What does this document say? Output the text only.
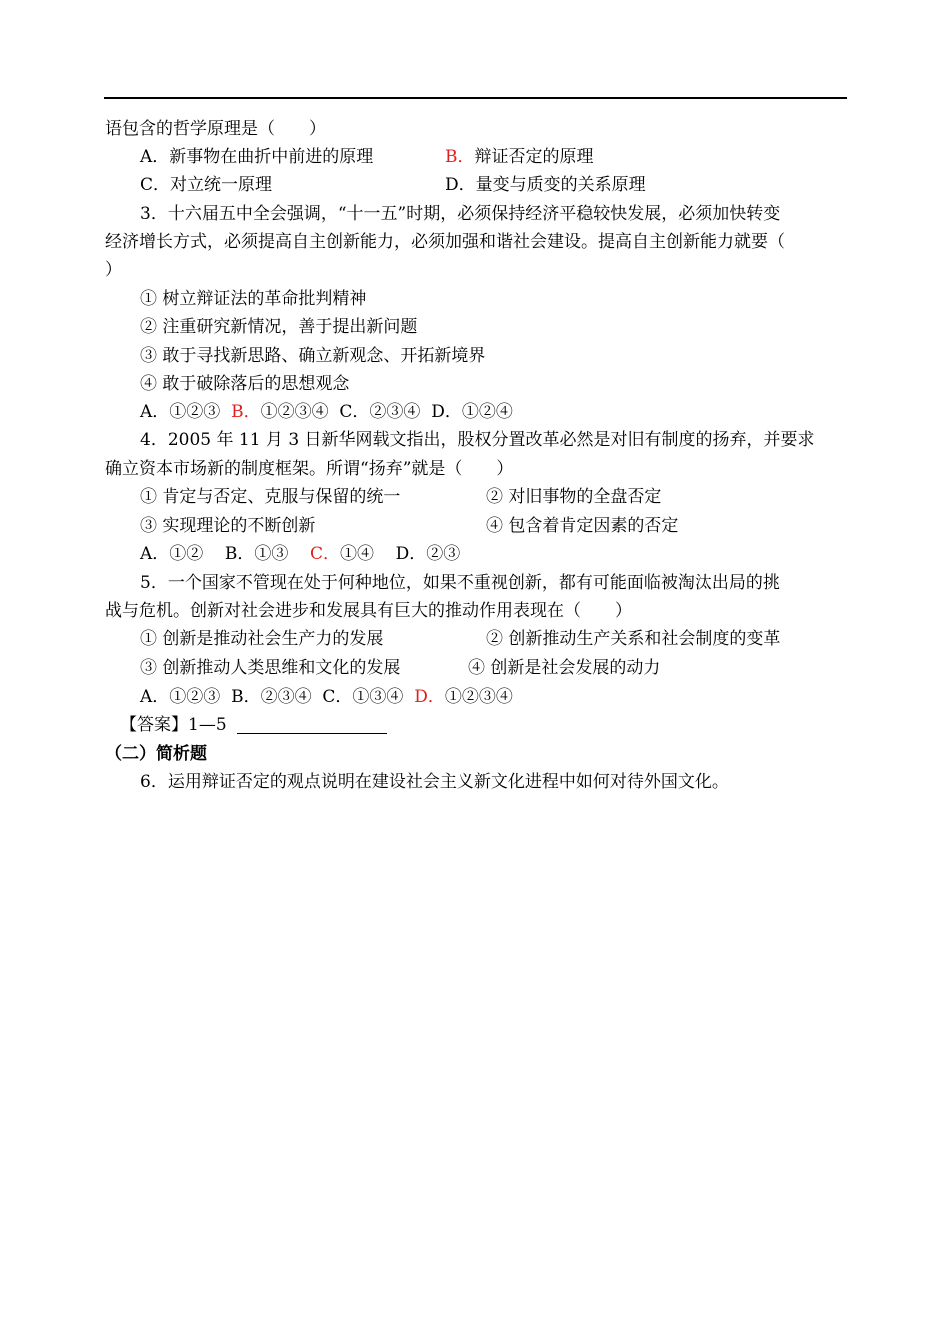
语包含的哲学原理是（　　）
A．新事物在曲折中前进的原理	B．辩证否定的原理
C．对立统一原理	D．量变与质变的关系原理
3．十六届五中全会强调，“十一五”时期，必须保持经济平稳较快发展，必须加快转变
经济增长方式，必须提高自主创新能力，必须加强和谐社会建设。提高自主创新能力就要（
）
① 树立辩证法的革命批判精神
② 注重研究新情况，善于提出新问题
③ 敢于寻找新思路、确立新观念、开拓新境界
④ 敢于破除落后的思想观念
A．①②③ B．①②③④ C．②③④ D．①②④
4．2005 年 11 月 3 日新华网载文指出，股权分置改革必然是对旧有制度的扬弃，并要求
确立资本市场新的制度框架。所谓“扬弃”就是（　　）
① 肯定与否定、克服与保留的统一	② 对旧事物的全盘否定
③ 实现理论的不断创新	④ 包含着肯定因素的否定
A．①② B．①③ C．①④ D．②③
5．一个国家不管现在处于何种地位，如果不重视创新，都有可能面临被淘汰出局的挑
战与危机。创新对社会进步和发展具有巨大的推动作用表现在（　　）
① 创新是推动社会生产力的发展	② 创新推动生产关系和社会制度的变革
③ 创新推动人类思维和文化的发展	④ 创新是社会发展的动力
A．①②③ B．②③④ C．①③④ D．①②③④
【答案】1—5
（二）简析题
6．运用辩证否定的观点说明在建设社会主义新文化进程中如何对待外国文化。
